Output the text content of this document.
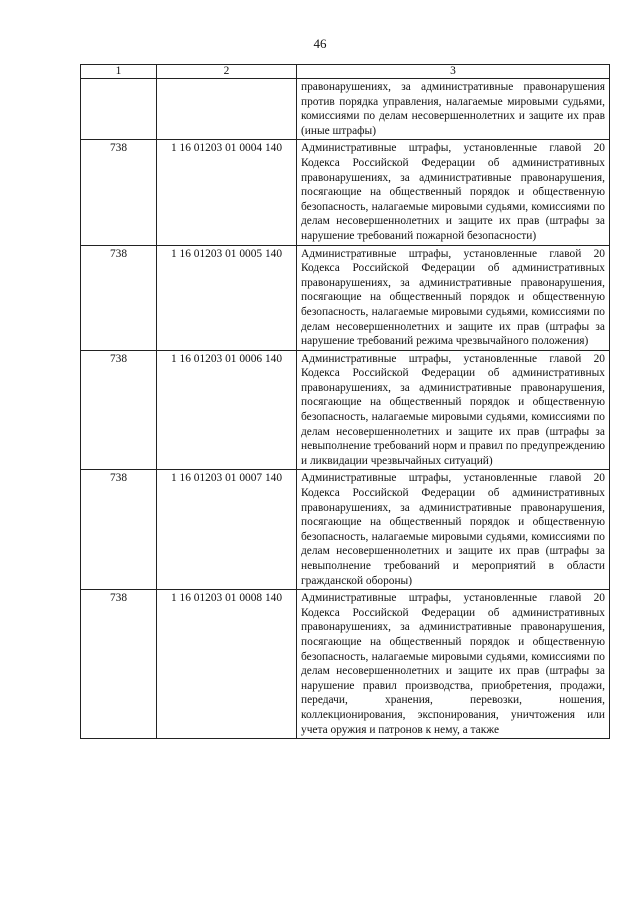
46
1	2	3
		правонарушениях, за административные правонарушения против порядка управления, налагаемые мировыми судьями, комиссиями по делам несовершеннолетних и защите их прав (иные штрафы)
738	1 16 01203 01 0004 140	Административные штрафы, установленные главой 20 Кодекса Российской Федерации об административных правонарушениях, за административные правонарушения, посягающие на общественный порядок и общественную безопасность, налагаемые мировыми судьями, комиссиями по делам несовершеннолетних и защите их прав (штрафы за нарушение требований пожарной безопасности)
738	1 16 01203 01 0005 140	Административные штрафы, установленные главой 20 Кодекса Российской Федерации об административных правонарушениях, за административные правонарушения, посягающие на общественный порядок и общественную безопасность, налагаемые мировыми судьями, комиссиями по делам несовершеннолетних и защите их прав (штрафы за нарушение требований режима чрезвычайного положения)
738	1 16 01203 01 0006 140	Административные штрафы, установленные главой 20 Кодекса Российской Федерации об административных правонарушениях, за административные правонарушения, посягающие на общественный порядок и общественную безопасность, налагаемые мировыми судьями, комиссиями по делам несовершеннолетних и защите их прав (штрафы за невыполнение требований норм и правил по предупреждению и ликвидации чрезвычайных ситуаций)
738	1 16 01203 01 0007 140	Административные штрафы, установленные главой 20 Кодекса Российской Федерации об административных правонарушениях, за административные правонарушения, посягающие на общественный порядок и общественную безопасность, налагаемые мировыми судьями, комиссиями по делам несовершеннолетних и защите их прав (штрафы за невыполнение требований и мероприятий в области гражданской обороны)
738	1 16 01203 01 0008 140	Административные штрафы, установленные главой 20 Кодекса Российской Федерации об административных правонарушениях, за административные правонарушения, посягающие на общественный порядок и общественную безопасность, налагаемые мировыми судьями, комиссиями по делам несовершеннолетних и защите их прав (штрафы за нарушение правил производства, приобретения, продажи, передачи, хранения, перевозки, ношения, коллекционирования, экспонирования, уничтожения или учета оружия и патронов к нему, а также
